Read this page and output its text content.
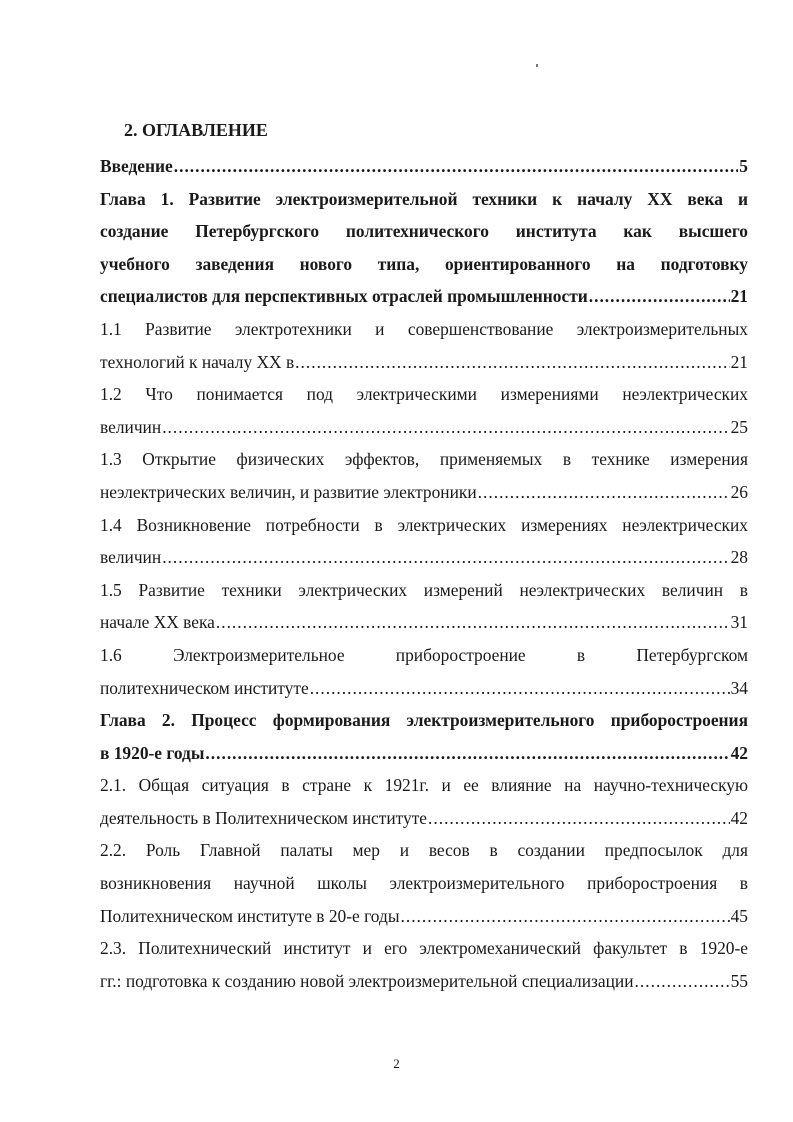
2. ОГЛАВЛЕНИЕ
Введение .....	5
Глава 1. Развитие электроизмерительной техники к началу XX века и
создание Петербургского политехнического института как высшего
учебного заведения нового типа, ориентированного на подготовку
специалистов для перспективных отраслей промышленности .....	21
1.1 Развитие электротехники и совершенствование электроизмерительных
технологий к началу XX в .....	21
1.2 Что понимается под электрическими измерениями неэлектрических
величин .....	25
1.3 Открытие физических эффектов, применяемых в технике измерения
неэлектрических величин, и развитие электроники .....	26
1.4 Возникновение потребности в электрических измерениях неэлектрических
величин .....	28
1.5 Развитие техники электрических измерений неэлектрических величин в
начале XX века .....	31
1.6 Электроизмерительное приборостроение в Петербургском
политехническом институте .....	34
Глава 2. Процесс формирования электроизмерительного приборостроения
в 1920-е годы .....	42
2.1. Общая ситуация в стране к 1921г. и ее влияние на научно-техническую
деятельность в Политехническом институте .....	42
2.2. Роль Главной палаты мер и весов в создании предпосылок для
возникновения научной школы электроизмерительного приборостроения в
Политехническом институте в 20-е годы .....	45
2.3. Политехнический институт и его электромеханический факультет в 1920-е
гг.: подготовка к созданию новой электроизмерительной специализации .....	55
2
